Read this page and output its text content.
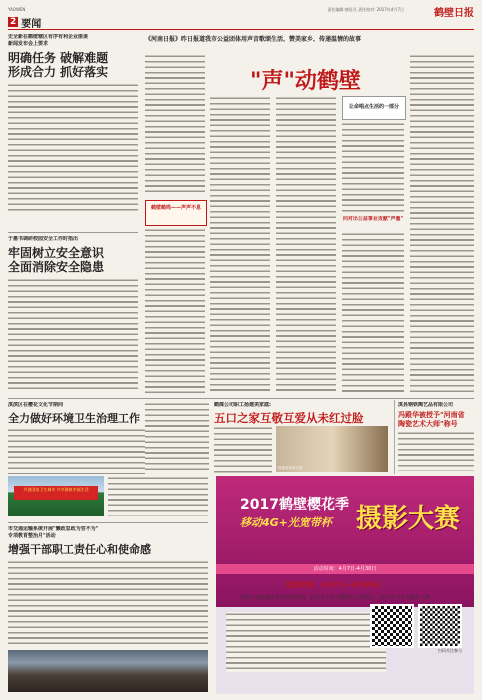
YAOWEN	责任编辑:唐征凡 责任校对: 2017年4月7日	鹤壁日报
2 要闻
史全新在鹤壁辖区有序有利企业座谈
新闻发布会上要求
明确任务 破解难题
形成合力 抓好落实
于惠书调研校园安全工作时指出
牢固树立安全意识
全面消除安全隐患
淇滨区在樱花文化节期间
全力做好环境卫生治理工作
共创国家卫生城市 共享健康幸福生活
市交通运输系统开展"懒政怠政为官不为"
专项教育整治月"活动
增强干部职工责任心和使命感
《河南日报》昨日报道我市公益团体用声音歌颂生活、赞美家乡、传递温情的故事
"声"动鹤壁
鹤壁鹤鸣——声声不息
让命唱点生活的一部分
向对出公益事业贡献"声量"
鹤煤公司职工扬建美家庭:
五口之家互敬互爱从未红过脸
杨建美家庭合影
淇县钢铁陶艺品有限公司
冯殿华被授予"河南省
陶瓷艺术大师"称号
2017鹤壁樱花季
移动4G+光宽带杯 摄影大赛
活动时间：4月7日-4月30日
活动时间：4月7日—4月30日
用镜头定格樱花季的美好时刻，您只需上传与樱花有关的照片，即可参与本次摄影大赛
扫码关注参与
